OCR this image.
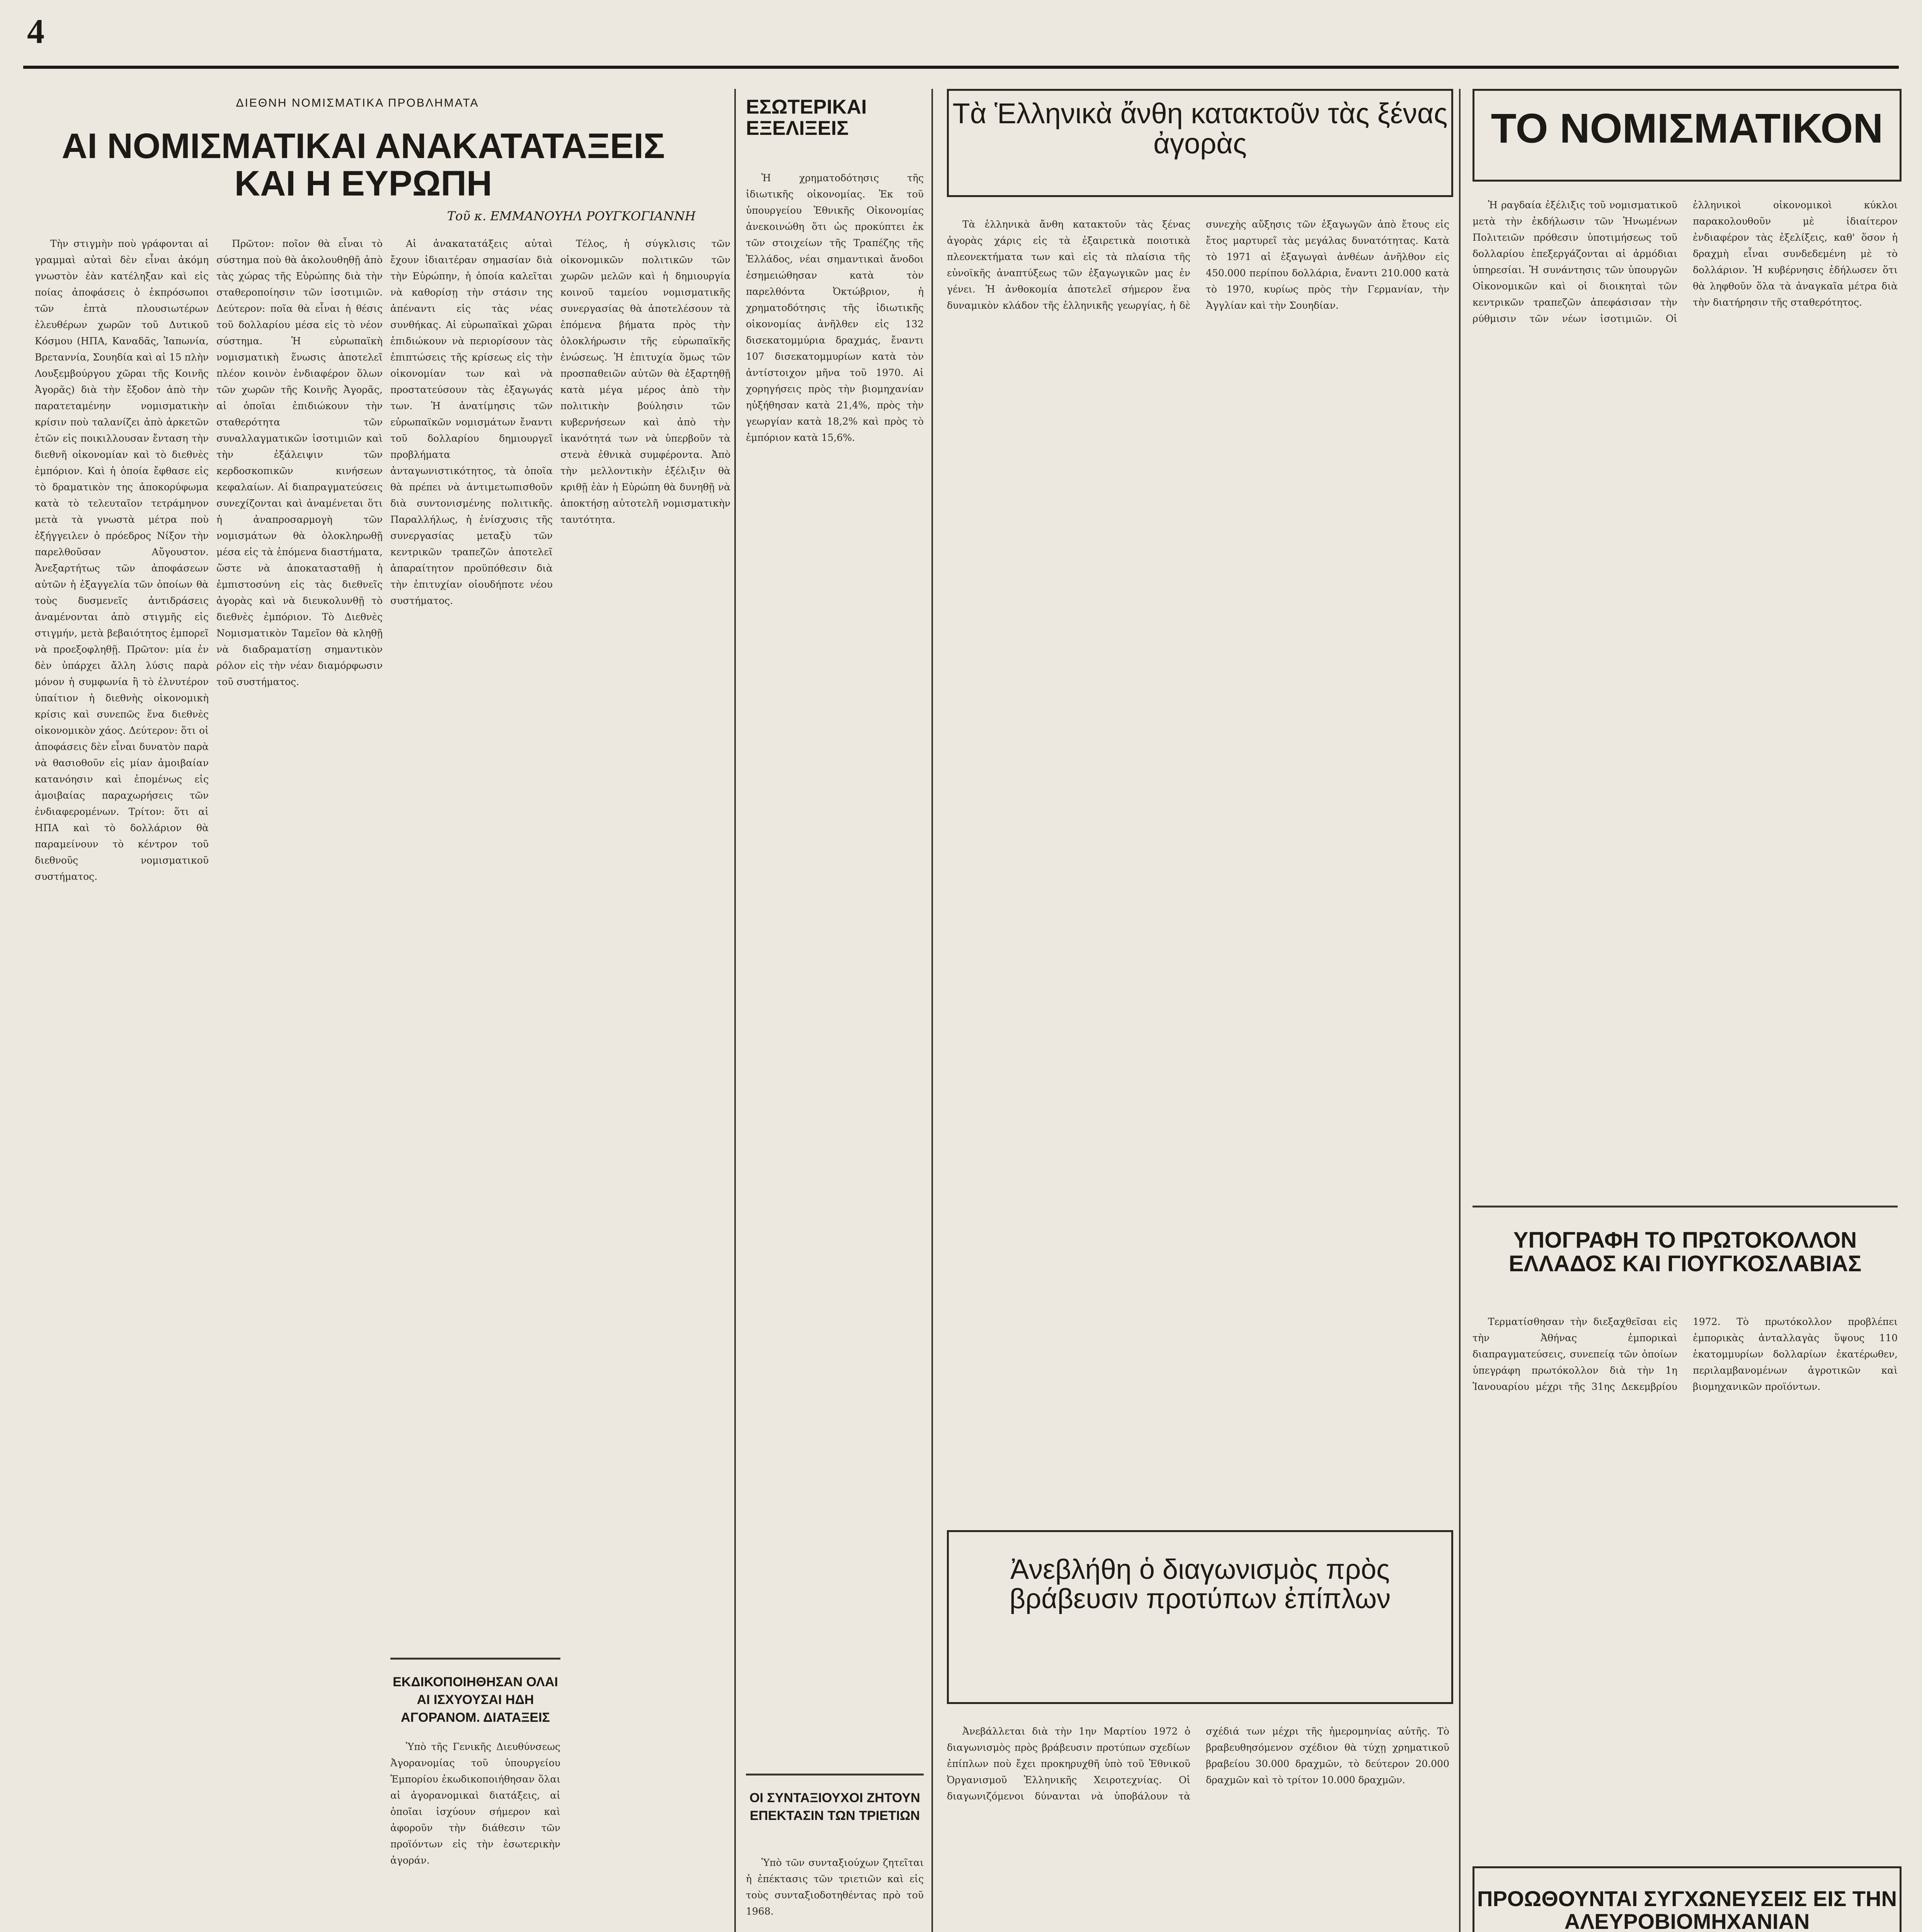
4
ΔΙΕΘΝΗ ΝΟΜΙΣΜΑΤΙΚΑ ΠΡΟΒΛΗΜΑΤΑ
ΑΙ ΝΟΜΙΣΜΑΤΙΚΑΙ ΑΝΑΚΑΤΑΤΑΞΕΙΣ ΚΑΙ Η ΕΥΡΩΠΗ
Τοῦ κ. ΕΜΜΑΝΟΥΗΛ ΡΟΥΓΚΟΓΙΑΝΝΗ

Τὴν στιγμὴν ποὺ γράφονται αἱ γραμμαὶ αὐταὶ δὲν εἶναι ἀκόμη γνωστὸν ἐὰν κατέληξαν καὶ εἰς ποίας ἀποφάσεις ὁ ἐκπρόσωποι τῶν ἑπτὰ πλουσιωτέρων ἐλευθέρων χωρῶν τοῦ Δυτικοῦ Κόσμου (ΗΠΑ, Καναδᾶς, Ἰαπωνία, Βρεταννία, Σουηδία καὶ αἱ 15 πλὴν Λουξεμβούργου χῶραι τῆς Κοινῆς Ἀγορᾶς) διὰ τὴν ἔξοδον ἀπὸ τὴν παρατεταμένην νομισματικὴν κρίσιν ποὺ ταλανίζει ἀπὸ ἀρκετῶν ἐτῶν εἰς ποικιλλουσαν ἔνταση τὴν διεθνῆ οἰκονομίαν καὶ τὸ διεθνὲς ἐμπόριον. Καὶ ἡ ὁποία ἔφθασε εἰς τὸ δραματικὸν της ἀποκορύφωμα κατὰ τὸ τελευταῖον τετράμηνον μετὰ τὰ γνωστὰ μέτρα ποὺ ἐξήγγειλεν ὁ πρόεδρος Νίξον τὴν παρελθοῦσαν Αὔγουστον. Ἀνεξαρτήτως τῶν ἀποφάσεων αὐτῶν ἡ ἐξαγγελία τῶν ὁποίων θὰ τοὺς δυσμενεῖς ἀντιδράσεις ἀναμένονται ἀπὸ στιγμῆς εἰς στιγμήν, μετὰ βεβαιότητος ἐμπορεῖ νὰ προεξοφληθῇ. Πρῶτον: μία ἐν δὲν ὑπάρχει ἄλλη λύσις παρὰ μόνον ἡ συμφωνία ἢ τὸ ἐλνυτέρον ὑπαίτιον ἡ διεθνὴς οἰκονομικὴ κρίσις καὶ συνεπῶς ἕνα διεθνὲς οἰκονομικὸν χάος. Δεύτερον: ὅτι οἱ ἀποφάσεις δὲν εἶναι δυνατὸν παρὰ νὰ θασιοθοῦν εἰς μίαν ἀμοιβαίαν κατανόησιν καὶ ἐπομένως εἰς ἀμοιβαίας παραχωρήσεις τῶν ἐνδιαφερομένων. Τρίτον: ὅτι αἱ ΗΠΑ καὶ τὸ δολλάριον θὰ παραμείνουν τὸ κέντρον τοῦ διεθνοῦς νομισματικοῦ συστήματος.

Πρῶτον: ποῖον θὰ εἶναι τὸ σύστημα ποὺ θὰ ἀκολουθηθῇ ἀπὸ τὰς χώρας τῆς Εὐρώπης διὰ τὴν σταθεροποίησιν τῶν ἰσοτιμιῶν. Δεύτερον: ποῖα θὰ εἶναι ἡ θέσις τοῦ δολλαρίου μέσα εἰς τὸ νέον σύστημα. Ἡ εὐρωπαϊκὴ νομισματικὴ ἕνωσις ἀποτελεῖ πλέον κοινὸν ἐνδιαφέρον ὅλων τῶν χωρῶν τῆς Κοινῆς Ἀγορᾶς, αἱ ὁποῖαι ἐπιδιώκουν τὴν σταθερότητα τῶν συναλλαγματικῶν ἰσοτιμιῶν καὶ τὴν ἐξάλειψιν τῶν κερδοσκοπικῶν κινήσεων κεφαλαίων. Αἱ διαπραγματεύσεις συνεχίζονται καὶ ἀναμένεται ὅτι ἡ ἀναπροσαρμογὴ τῶν νομισμάτων θὰ ὁλοκληρωθῇ μέσα εἰς τὰ ἑπόμενα διαστήματα, ὥστε νὰ ἀποκατασταθῇ ἡ ἐμπιστοσύνη εἰς τὰς διεθνεῖς ἀγορὰς καὶ νὰ διευκολυνθῇ τὸ διεθνὲς ἐμπόριον. Τὸ Διεθνὲς Νομισματικὸν Ταμεῖον θὰ κληθῇ νὰ διαδραματίσῃ σημαντικὸν ρόλον εἰς τὴν νέαν διαμόρφωσιν τοῦ συστήματος.

Αἱ ἀνακατατάξεις αὐταὶ ἔχουν ἰδιαιτέραν σημασίαν διὰ τὴν Εὐρώπην, ἡ ὁποία καλεῖται νὰ καθορίσῃ τὴν στάσιν της ἀπέναντι εἰς τὰς νέας συνθήκας. Αἱ εὐρωπαϊκαὶ χῶραι ἐπιδιώκουν νὰ περιορίσουν τὰς ἐπιπτώσεις τῆς κρίσεως εἰς τὴν οἰκονομίαν των καὶ νὰ προστατεύσουν τὰς ἐξαγωγάς των. Ἡ ἀνατίμησις τῶν εὐρωπαϊκῶν νομισμάτων ἔναντι τοῦ δολλαρίου δημιουργεῖ προβλήματα ἀνταγωνιστικότητος, τὰ ὁποῖα θὰ πρέπει νὰ ἀντιμετωπισθοῦν διὰ συντονισμένης πολιτικῆς. Παραλλήλως, ἡ ἐνίσχυσις τῆς συνεργασίας μεταξὺ τῶν κεντρικῶν τραπεζῶν ἀποτελεῖ ἀπαραίτητον προϋπόθεσιν διὰ τὴν ἐπιτυχίαν οἱουδήποτε νέου συστήματος.

Τέλος, ἡ σύγκλισις τῶν οἰκονομικῶν πολιτικῶν τῶν χωρῶν μελῶν καὶ ἡ δημιουργία κοινοῦ ταμείου νομισματικῆς συνεργασίας θὰ ἀποτελέσουν τὰ ἑπόμενα βήματα πρὸς τὴν ὁλοκλήρωσιν τῆς εὐρωπαϊκῆς ἑνώσεως. Ἡ ἐπιτυχία ὅμως τῶν προσπαθειῶν αὐτῶν θὰ ἐξαρτηθῇ κατὰ μέγα μέρος ἀπὸ τὴν πολιτικὴν βούλησιν τῶν κυβερνήσεων καὶ ἀπὸ τὴν ἱκανότητά των νὰ ὑπερβοῦν τὰ στενὰ ἐθνικὰ συμφέροντα. Ἀπὸ τὴν μελλοντικὴν ἐξέλιξιν θὰ κριθῇ ἐὰν ἡ Εὐρώπη θὰ δυνηθῇ νὰ ἀποκτήσῃ αὐτοτελῆ νομισματικὴν ταυτότητα.

ΕΚΔΙΚΟΠΟΙΗΘΗΣΑΝ ΟΛΑΙ ΑΙ ΙΣΧΥΟΥΣΑΙ ΗΔΗ ΑΓΟΡΑΝΟΜ. ΔΙΑΤΑΞΕΙΣ

Ὑπὸ τῆς Γενικῆς Διευθύνσεως Ἀγορανομίας τοῦ ὑπουργείου Ἐμπορίου ἐκωδικοποιήθησαν ὅλαι αἱ ἀγορανομικαὶ διατάξεις, αἱ ὁποῖαι ἰσχύουν σήμερον καὶ ἀφοροῦν τὴν διάθεσιν τῶν προϊόντων εἰς τὴν ἐσωτερικὴν ἀγοράν.

ΕΣΩΤΕΡΙΚΑΙ ΕΞΕΛΙΞΕΙΣ

Ἡ χρηματοδότησις τῆς ἰδιωτικῆς οἰκονομίας. Ἐκ τοῦ ὑπουργείου Ἐθνικῆς Οἰκονομίας ἀνεκοινώθη ὅτι ὡς προκύπτει ἐκ τῶν στοιχείων τῆς Τραπέζης τῆς Ἑλλάδος, νέαι σημαντικαὶ ἄνοδοι ἐσημειώθησαν κατὰ τὸν παρελθόντα Ὀκτώβριον, ἡ χρηματοδότησις τῆς ἰδιωτικῆς οἰκονομίας ἀνῆλθεν εἰς 132 δισεκατομμύρια δραχμάς, ἔναντι 107 δισεκατομμυρίων κατὰ τὸν ἀντίστοιχον μῆνα τοῦ 1970. Αἱ χορηγήσεις πρὸς τὴν βιομηχανίαν ηὐξήθησαν κατὰ 21,4%, πρὸς τὴν γεωργίαν κατὰ 18,2% καὶ πρὸς τὸ ἐμπόριον κατὰ 15,6%.

ΟΙ ΣΥΝΤΑΞΙΟΥΧΟΙ ΖΗΤΟΥΝ ΕΠΕΚΤΑΣΙΝ ΤΩΝ ΤΡΙΕΤΙΩΝ

Ὑπὸ τῶν συνταξιούχων ζητεῖται ἡ ἐπέκτασις τῶν τριετιῶν καὶ εἰς τοὺς συνταξιοδοτηθέντας πρὸ τοῦ 1968.

Τὰ Ἑλληνικὰ ἄνθη κατακτοῦν τὰς ξένας ἀγορὰς

Τὰ ἑλληνικὰ ἄνθη κατακτοῦν τὰς ξένας ἀγορὰς χάρις εἰς τὰ ἐξαιρετικὰ ποιοτικὰ πλεονεκτήματα των καὶ εἰς τὰ πλαίσια τῆς εὐνοϊκῆς ἀναπτύξεως τῶν ἐξαγωγικῶν μας ἐν γένει. Ἡ ἀνθοκομία ἀποτελεῖ σήμερον ἕνα δυναμικὸν κλάδον τῆς ἑλληνικῆς γεωργίας, ἡ δὲ συνεχὴς αὔξησις τῶν ἐξαγωγῶν ἀπὸ ἔτους εἰς ἔτος μαρτυρεῖ τὰς μεγάλας δυνατότητας. Κατὰ τὸ 1971 αἱ ἐξαγωγαὶ ἀνθέων ἀνῆλθον εἰς 450.000 περίπου δολλάρια, ἔναντι 210.000 κατὰ τὸ 1970, κυρίως πρὸς τὴν Γερμανίαν, τὴν Ἀγγλίαν καὶ τὴν Σουηδίαν.

Ἀνεβλήθη ὁ διαγωνισμὸς πρὸς βράβευσιν προτύπων ἐπίπλων

Ἀνεβάλλεται διὰ τὴν 1ην Μαρτίου 1972 ὁ διαγωνισμὸς πρὸς βράβευσιν προτύπων σχεδίων ἐπίπλων ποὺ ἔχει προκηρυχθῆ ὑπὸ τοῦ Ἐθνικοῦ Ὀργανισμοῦ Ἑλληνικῆς Χειροτεχνίας. Οἱ διαγωνιζόμενοι δύνανται νὰ ὑποβάλουν τὰ σχέδιά των μέχρι τῆς ἡμερομηνίας αὐτῆς. Τὸ βραβευθησόμενον σχέδιον θὰ τύχῃ χρηματικοῦ βραβείου 30.000 δραχμῶν, τὸ δεύτερον 20.000 δραχμῶν καὶ τὸ τρίτον 10.000 δραχμῶν.

ΤΟ ΝΟΜΙΣΜΑΤΙΚΟΝ

Ἡ ραγδαία ἐξέλιξις τοῦ νομισματικοῦ μετὰ τὴν ἐκδήλωσιν τῶν Ἡνωμένων Πολιτειῶν πρόθεσιν ὑποτιμήσεως τοῦ δολλαρίου ἐπεξεργάζονται αἱ ἀρμόδιαι ὑπηρεσίαι. Ἡ συνάντησις τῶν ὑπουργῶν Οἰκονομικῶν καὶ οἱ διοικηταὶ τῶν κεντρικῶν τραπεζῶν ἀπεφάσισαν τὴν ρύθμισιν τῶν νέων ἰσοτιμιῶν. Οἱ ἑλληνικοὶ οἰκονομικοὶ κύκλοι παρακολουθοῦν μὲ ἰδιαίτερον ἐνδιαφέρον τὰς ἐξελίξεις, καθ' ὅσον ἡ δραχμὴ εἶναι συνδεδεμένη μὲ τὸ δολλάριον. Ἡ κυβέρνησις ἐδήλωσεν ὅτι θὰ ληφθοῦν ὅλα τὰ ἀναγκαῖα μέτρα διὰ τὴν διατήρησιν τῆς σταθερότητος.

ΥΠΟΓΡΑΦΗ ΤΟ ΠΡΩΤΟΚΟΛΛΟΝ ΕΛΛΑΔΟΣ ΚΑΙ ΓΙΟΥΓΚΟΣΛΑΒΙΑΣ

Τερματίσθησαν τὴν διεξαχθεῖσαι εἰς τὴν Ἀθήνας ἐμπορικαὶ διαπραγματεύσεις, συνεπείᾳ τῶν ὁποίων ὑπεγράφη πρωτόκολλον διὰ τὴν 1η Ἰανουαρίου μέχρι τῆς 31ης Δεκεμβρίου 1972. Τὸ πρωτόκολλον προβλέπει ἐμπορικὰς ἀνταλλαγὰς ὕψους 110 ἑκατομμυρίων δολλαρίων ἐκατέρωθεν, περιλαμβανομένων ἀγροτικῶν καὶ βιομηχανικῶν προϊόντων.

ΠΡΟΩΘΟΥΝΤΑΙ ΣΥΓΧΩΝΕΥΣΕΙΣ ΕΙΣ ΤΗΝ ΑΛΕΥΡΟΒΙΟΜΗΧΑΝΙΑΝ
